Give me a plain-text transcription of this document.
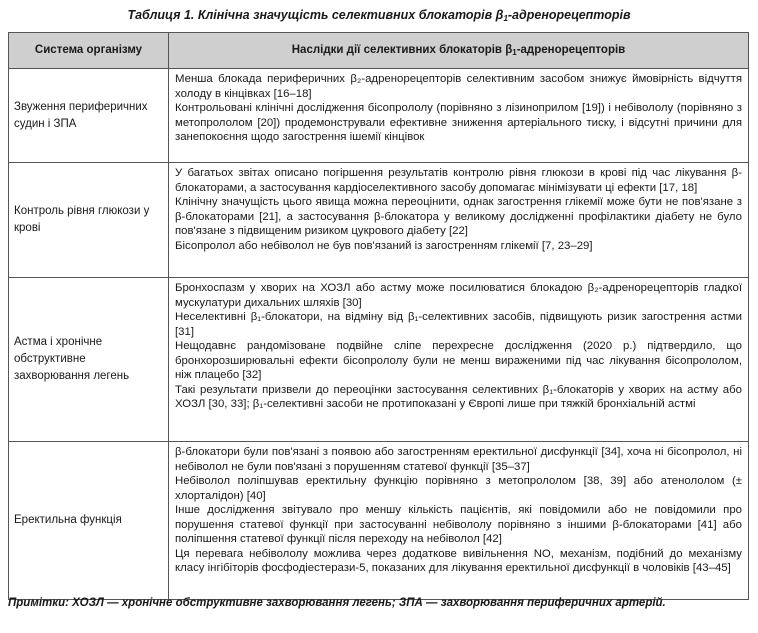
Таблиця 1. Клінічна значущість селективних блокаторів $\beta_1$-адренорецепторів
Система організму	Наслідки дії селективних блокаторів $\beta_1$-адренорецепторів
Звуження периферичних судин і ЗПА	Менша блокада периферичних β₂-адренорецепторів селективним засобом знижує ймовірність відчуття холоду в кінцівках [16–18]

Контрольовані клінічні дослідження бісопрололу (порівняно з лізиноприлом [19]) і небівололу (порівняно з метопрололом [20]) продемонстрували ефективне зниження артеріального тиску, і відсутні причини для занепокоєння щодо загострення ішемії кінцівок

Контроль рівня глюкози у крові	У багатьох звітах описано погіршення результатів контролю рівня глюкози в крові під час лікування β-блокаторами, а застосування кардіоселективного засобу допомагає мінімізувати ці ефекти [17, 18]

Клінічну значущість цього явища можна переоцінити, однак загострення глікемії може бути не пов'язане з β-блокаторами [21], а застосування β-блокатора у великому дослідженні профілактики діабету не було пов'язане з підвищеним ризиком цукрового діабету [22]

Бісопролол або небіволол не був пов'язаний із загостренням глікемії [7, 23–29]

Астма і хронічне обструктивне захворювання легень	Бронхоспазм у хворих на ХОЗЛ або астму може посилюватися блокадою β₂-адренорецепторів гладкої мускулатури дихальних шляхів [30]

Неселективні β₁-блокатори, на відміну від β₁-селективних засобів, підвищують ризик загострення астми [31]

Нещодавнє рандомізоване подвійне сліпе перехресне дослідження (2020 р.) підтвердило, що бронхорозширювальні ефекти бісопрололу були не менш вираженими під час лікування бісопрололом, ніж плацебо [32]

Такі результати призвели до переоцінки застосування селективних β₁-блокаторів у хворих на астму або ХОЗЛ [30, 33]; β₁-селективні засоби не протипоказані у Європі лише при тяжкій бронхіальній астмі

Еректильна функція	β-блокатори були пов'язані з появою або загостренням еректильної дисфункції [34], хоча ні бісопролол, ні небіволол не були пов'язані з порушенням статевої функції [35–37]

Небіволол поліпшував еректильну функцію порівняно з метопрололом [38, 39] або атенололом (± хлорталідон) [40]

Інше дослідження звітувало про меншу кількість пацієнтів, які повідомили або не повідомили про порушення статевої функції при застосуванні небівололу порівняно з іншими β-блокаторами [41] або поліпшення статевої функції після переходу на небіволол [42]

Ця перевага небівололу можлива через додаткове вивільнення NO, механізм, подібний до механізму класу інгібіторів фосфодіестерази-5, показаних для лікування еректильної дисфункції в чоловіків [43–45]

Примітки: ХОЗЛ — хронічне обструктивне захворювання легень; ЗПА — захворювання периферичних артерій.
